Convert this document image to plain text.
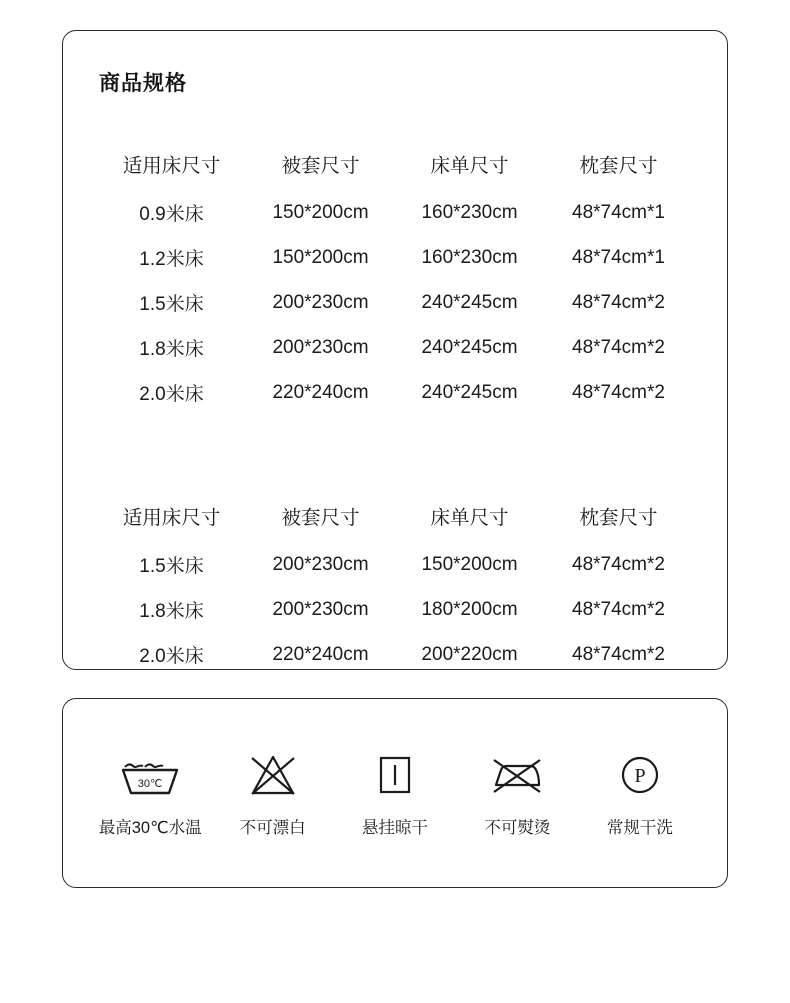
商品规格
适用床尺寸	被套尺寸	床单尺寸	枕套尺寸
0.9米床	150*200cm	160*230cm	48*74cm*1
1.2米床	150*200cm	160*230cm	48*74cm*1
1.5米床	200*230cm	240*245cm	48*74cm*2
1.8米床	200*230cm	240*245cm	48*74cm*2
2.0米床	220*240cm	240*245cm	48*74cm*2
适用床尺寸	被套尺寸	床单尺寸	枕套尺寸
1.5米床	200*230cm	150*200cm	48*74cm*2
1.8米床	200*230cm	180*200cm	48*74cm*2
2.0米床	220*240cm	200*220cm	48*74cm*2
30℃
最高30℃水温 不可漂白	悬挂晾干	不可熨烫
P
常规干洗
